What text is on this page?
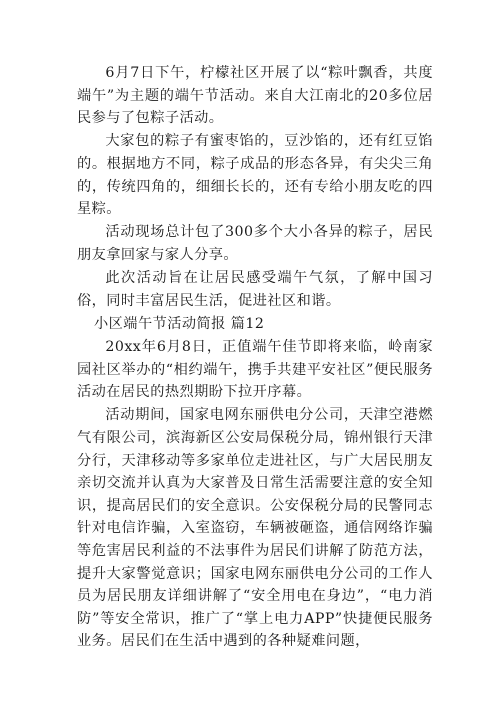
6月7日下午，柠檬社区开展了以“粽叶飘香，共度端午”为主题的端午节活动。来自大江南北的20多位居民参与了包粽子活动。

大家包的粽子有蜜枣馅的，豆沙馅的，还有红豆馅的。根据地方不同，粽子成品的形态各异，有尖尖三角的，传统四角的，细细长长的，还有专给小朋友吃的四星粽。

活动现场总计包了300多个大小各异的粽子，居民朋友拿回家与家人分享。

此次活动旨在让居民感受端午气氛，了解中国习俗，同时丰富居民生活，促进社区和谐。

小区端午节活动简报 篇12

20xx年6月8日，正值端午佳节即将来临，岭南家园社区举办的“相约端午，携手共建平安社区”便民服务活动在居民的热烈期盼下拉开序幕。

活动期间，国家电网东丽供电分公司，天津空港燃气有限公司，滨海新区公安局保税分局，锦州银行天津分行，天津移动等多家单位走进社区，与广大居民朋友亲切交流并认真为大家普及日常生活需要注意的安全知识，提高居民们的安全意识。公安保税分局的民警同志针对电信诈骗，入室盗窃，车辆被砸盗，通信网络诈骗等危害居民利益的不法事件为居民们讲解了防范方法，提升大家警觉意识；国家电网东丽供电分公司的工作人员为居民朋友详细讲解了“安全用电在身边”，“电力消防”等安全常识，推广了“掌上电力APP”快捷便民服务业务。居民们在生活中遇到的各种疑难问题，
